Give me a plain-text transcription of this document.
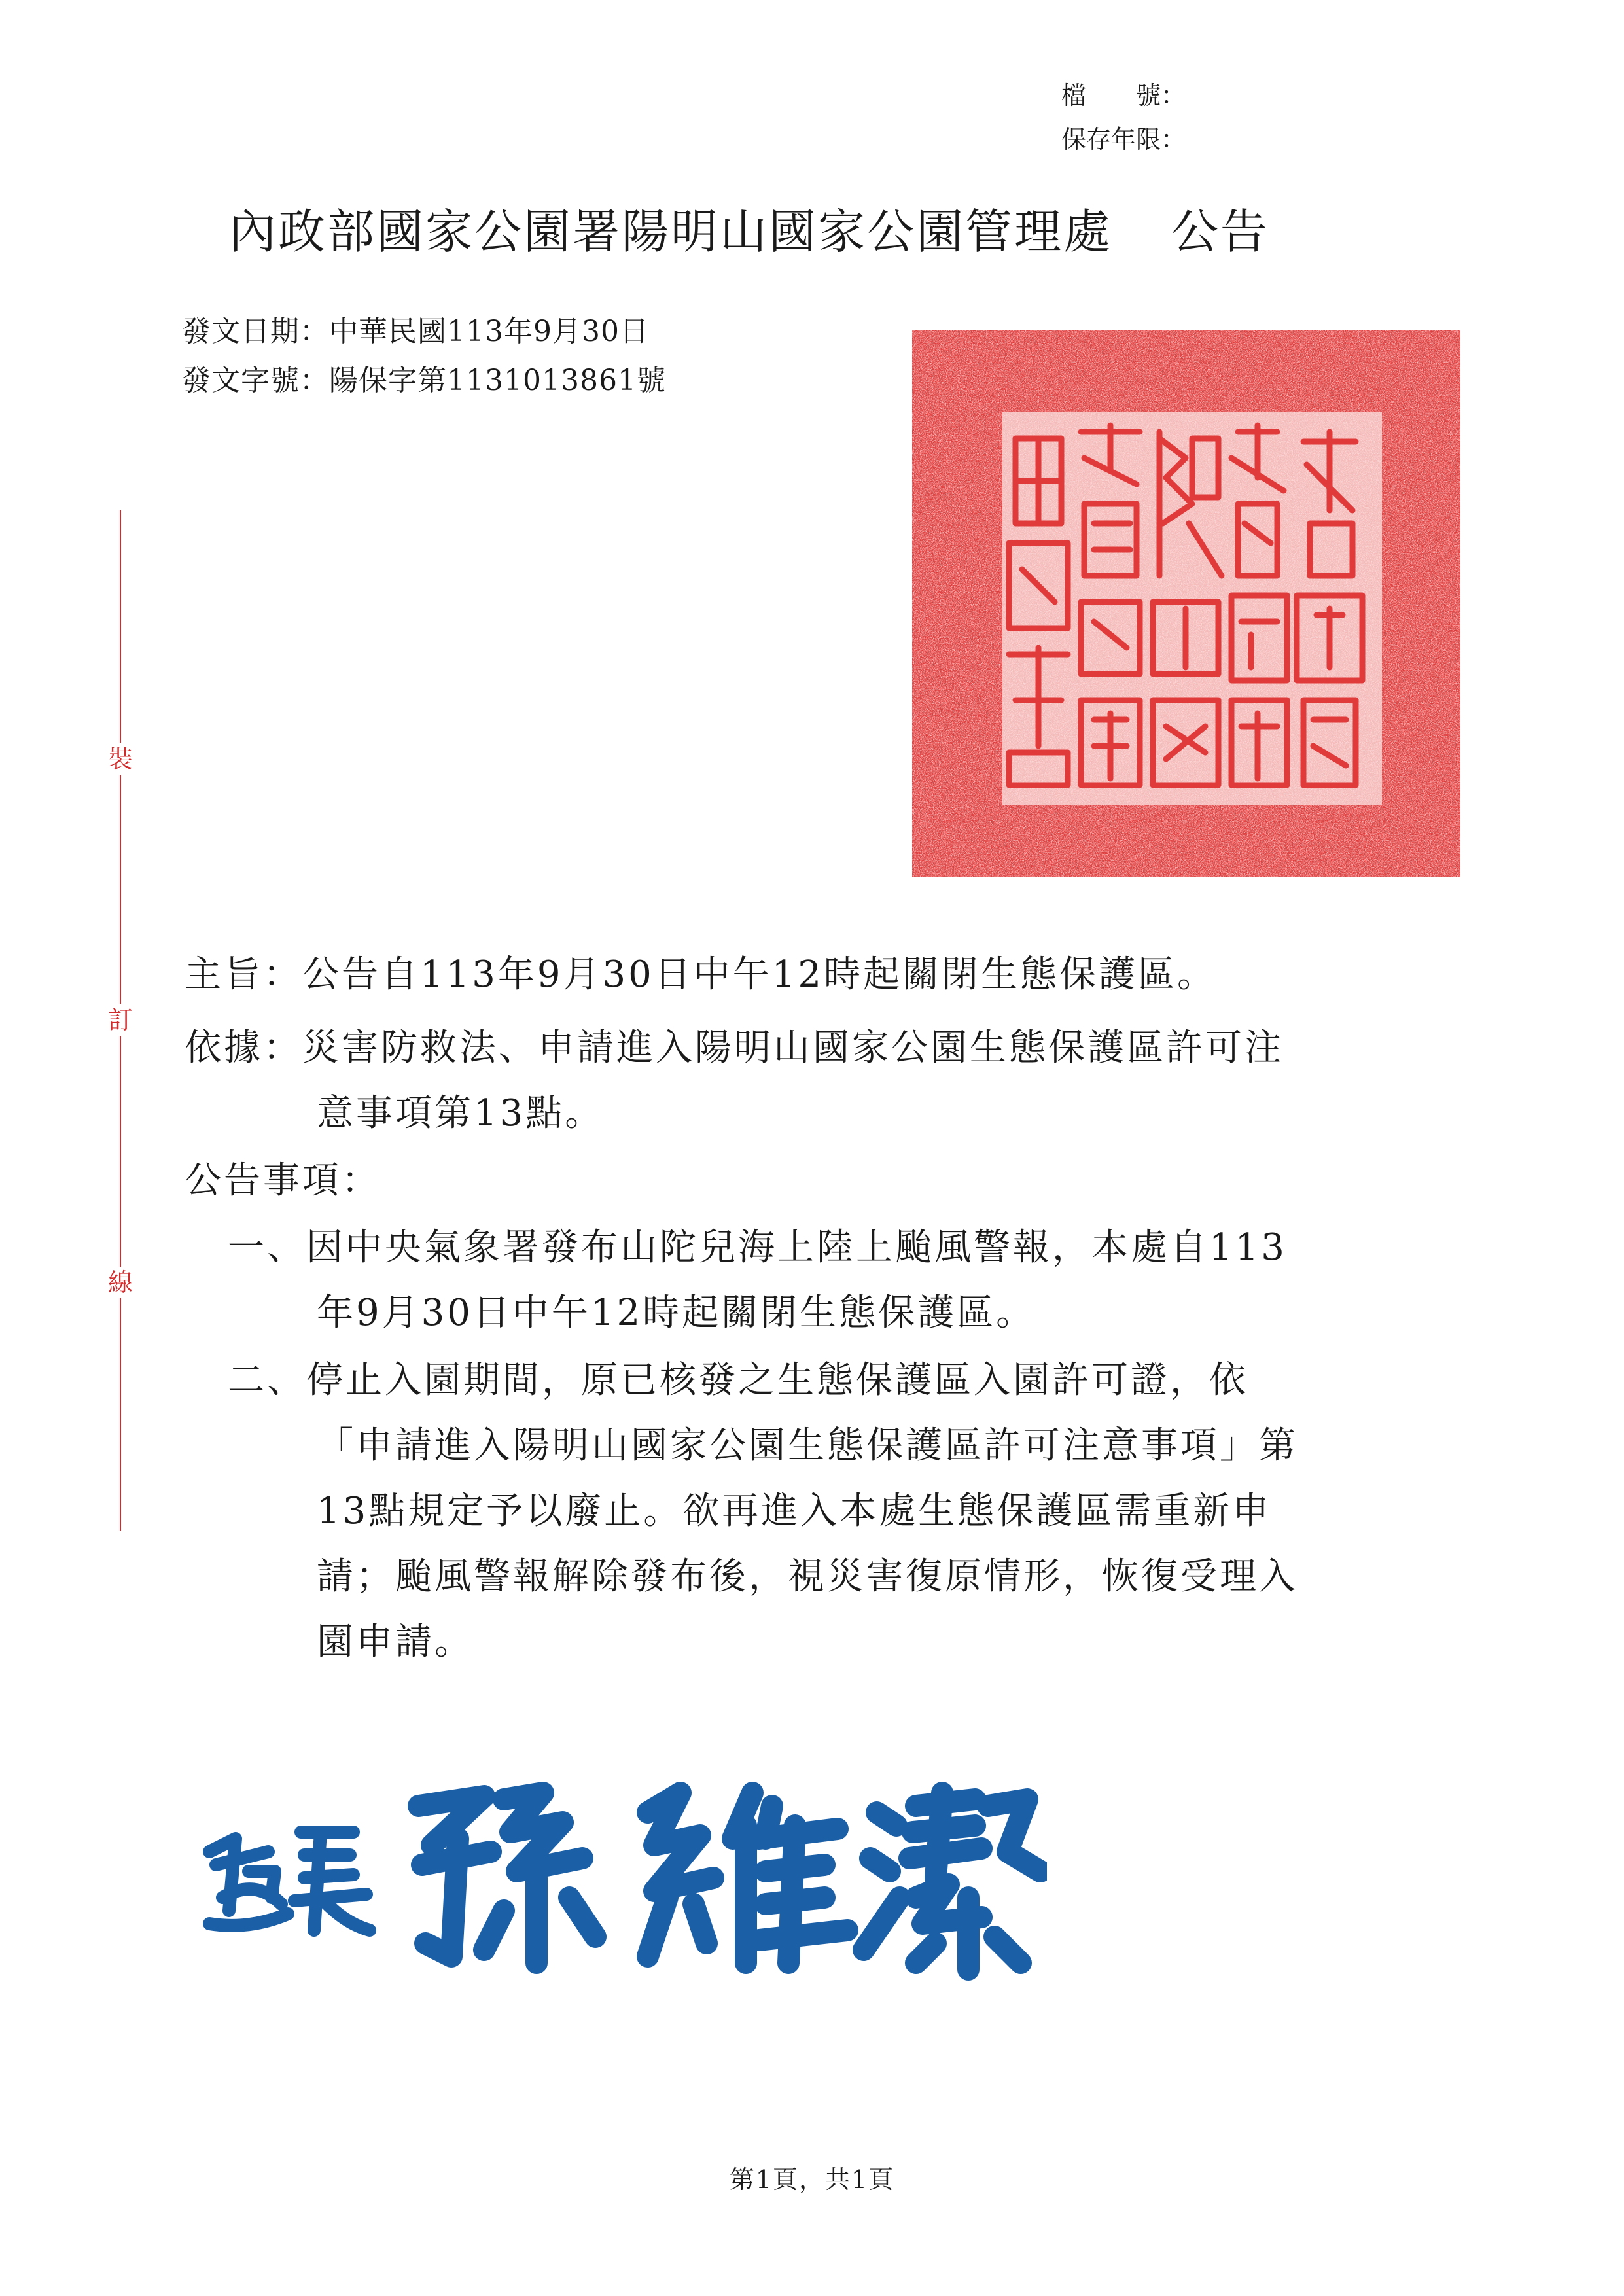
檔　　號：
保存年限：
內政部國家公園署陽明山國家公園管理處 公告
發文日期：中華民國113年9月30日
發文字號：陽保字第1131013861號
裝
訂
線
主旨：公告自113年9月30日中午12時起關閉生態保護區。
依據：災害防救法、申請進入陽明山國家公園生態保護區許可注
意事項第13點。
公告事項：
一、因中央氣象署發布山陀兒海上陸上颱風警報，本處自113
年9月30日中午12時起關閉生態保護區。
二、停止入園期間，原已核發之生態保護區入園許可證，依
「申請進入陽明山國家公園生態保護區許可注意事項」第
13點規定予以廢止。欲再進入本處生態保護區需重新申
請；颱風警報解除發布後，視災害復原情形，恢復受理入
園申請。
第1頁，共1頁
